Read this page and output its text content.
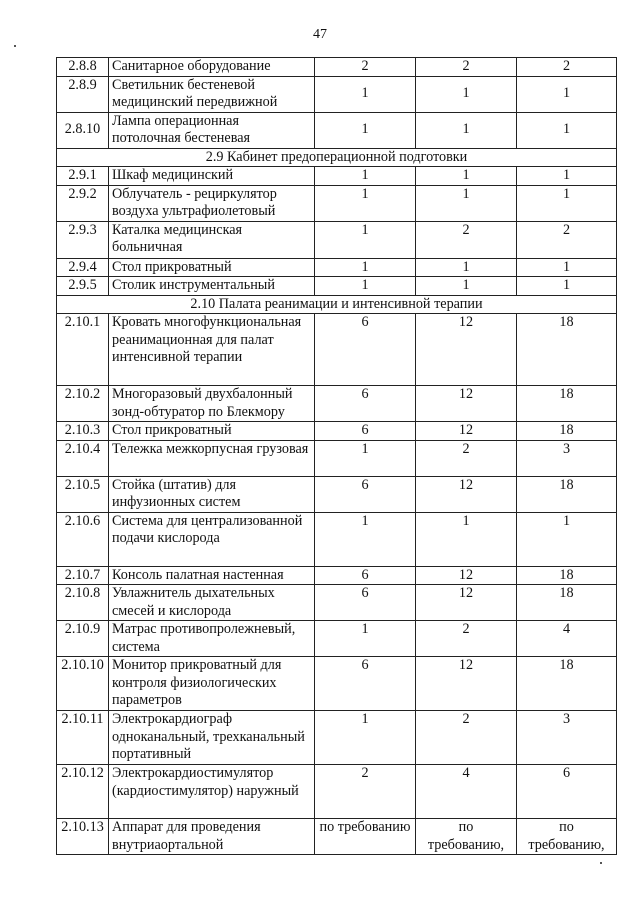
47
2.8.8	Санитарное оборудование	2	2	2
2.8.9	Светильник бестеневой медицинский передвижной	1	1	1
2.8.10	Лампа операционная потолочная бестеневая	1	1	1
2.9 Кабинет предоперационной подготовки				
2.9.1	Шкаф медицинский	1	1	1
2.9.2	Облучатель - рециркулятор воздуха ультрафиолетовый	1	1	1
2.9.3	Каталка медицинская больничная	1	2	2
2.9.4	Стол прикроватный	1	1	1
2.9.5	Столик инструментальный	1	1	1
2.10 Палата реанимации и интенсивной терапии				
2.10.1	Кровать многофункциональная реанимационная для палат интенсивной терапии	6	12	18
2.10.2	Многоразовый двухбалонный зонд-обтуратор по Блекмору	6	12	18
2.10.3	Стол прикроватный	6	12	18
2.10.4	Тележка межкорпусная грузовая	1	2	3
2.10.5	Стойка (штатив) для инфузионных систем	6	12	18
2.10.6	Система для централизованной подачи кислорода	1	1	1
2.10.7	Консоль палатная настенная	6	12	18
2.10.8	Увлажнитель дыхательных смесей и кислорода	6	12	18
2.10.9	Матрас противопролежневый, система	1	2	4
2.10.10	Монитор прикроватный для контроля физиологических параметров	6	12	18
2.10.11	Электрокардиограф одноканальный, трехканальный портативный	1	2	3
2.10.12	Электрокардиостимулятор (кардиостимулятор) наружный	2	4	6
2.10.13	Аппарат для проведения внутриаортальной	по требованию	по требованию,	по требованию,
